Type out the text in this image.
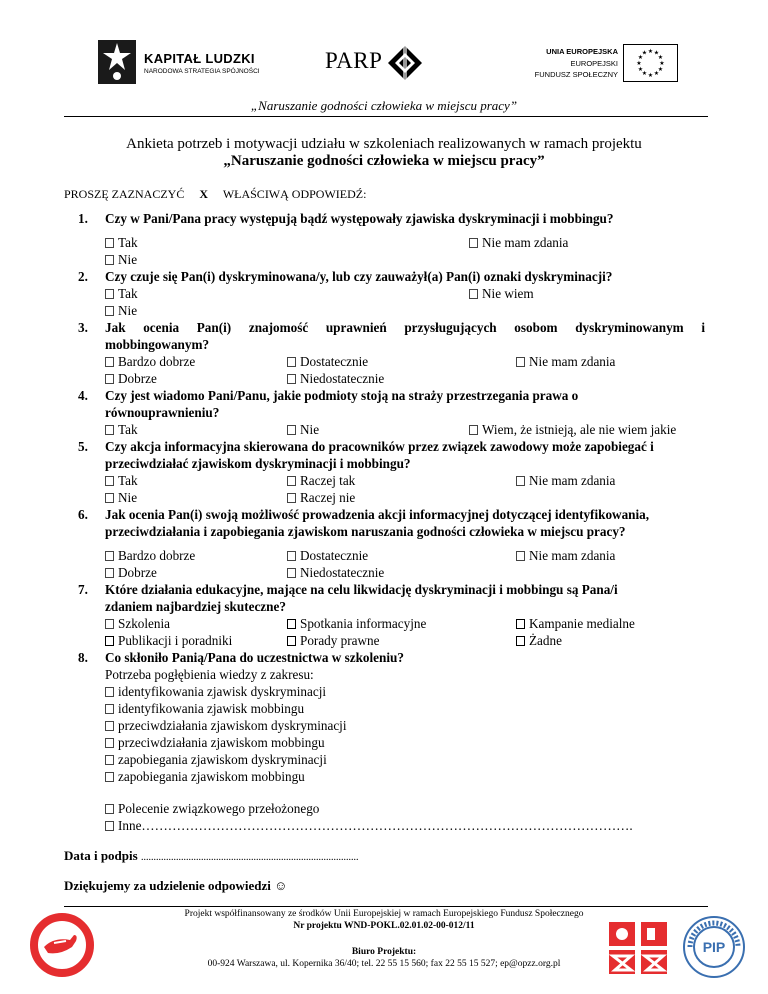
KAPITAŁ LUDZKI
NARODOWA STRATEGIA SPÓJNOŚCI	PARP	UNIA EUROPEJSKA
EUROPEJSKI
FUNDUSZ SPOŁECZNY
★ ★
★
★
★
★
★
★
★
★
★
★
„Naruszanie godności człowieka w miejscu pracy”
Ankieta potrzeb i motywacji udziału w szkoleniach realizowanych w ramach projektu
„Naruszanie godności człowieka w miejscu pracy”
PROSZĘ ZAZNACZYĆ X WŁAŚCIWĄ ODPOWIEDŹ:
1.	Czy w Pani/Pana pracy występują bądź występowały zjawiska dyskryminacji i mobbingu?
Tak	Nie mam zdania
Nie
2.	Czy czuje się Pan(i) dyskryminowana/y, lub czy zauważył(a) Pan(i) oznaki dyskryminacji?
Tak	Nie wiem
Nie
3.	Jak ocenia Pan(i) znajomość uprawnień przysługujących osobom dyskryminowanym i
mobbingowanym?
Bardzo dobrze	Dostatecznie	Nie mam zdania
Dobrze	Niedostatecznie
4.	Czy jest wiadomo Pani/Panu, jakie podmioty stoją na straży przestrzegania prawa o
równouprawnieniu?
Tak	Nie	Wiem, że istnieją, ale nie wiem jakie
5.	Czy akcja informacyjna skierowana do pracowników przez związek zawodowy może zapobiegać i
przeciwdziałać zjawiskom dyskryminacji i mobbingu?
Tak	Raczej tak	Nie mam zdania
Nie	Raczej nie
6.	Jak ocenia Pan(i) swoją możliwość prowadzenia akcji informacyjnej dotyczącej identyfikowania,
przeciwdziałania i zapobiegania zjawiskom naruszania godności człowieka w miejscu pracy?
Bardzo dobrze	Dostatecznie	Nie mam zdania
Dobrze	Niedostatecznie
7.	Które działania edukacyjne, mające na celu likwidację dyskryminacji i mobbingu są Pana/i
zdaniem najbardziej skuteczne?
Szkolenia	Spotkania informacyjne	Kampanie medialne
Publikacji i poradniki	Porady prawne	Żadne
8.	Co skłoniło Panią/Pana do uczestnictwa w szkoleniu?
Potrzeba pogłębienia wiedzy z zakresu:
identyfikowania zjawisk dyskryminacji
identyfikowania zjawisk mobbingu
przeciwdziałania zjawiskom dyskryminacji
przeciwdziałania zjawiskom mobbingu
zapobiegania zjawiskom dyskryminacji
zapobiegania zjawiskom mobbingu
Polecenie związkowego przełożonego
Inne………………………………………………………………………………………………….
Data i podpis .......................................................................................
Dziękujemy za udzielenie odpowiedzi ☺
Projekt współfinansowany ze środków Unii Europejskiej w ramach Europejskiego Fundusz Społecznego
Nr projektu WND-POKL.02.01.02-00-012/11
Biuro Projektu:
00-924 Warszawa, ul. Kopernika 36/40; tel. 22 55 15 560; fax 22 55 15 527; ep@opzz.org.pl
PIP
